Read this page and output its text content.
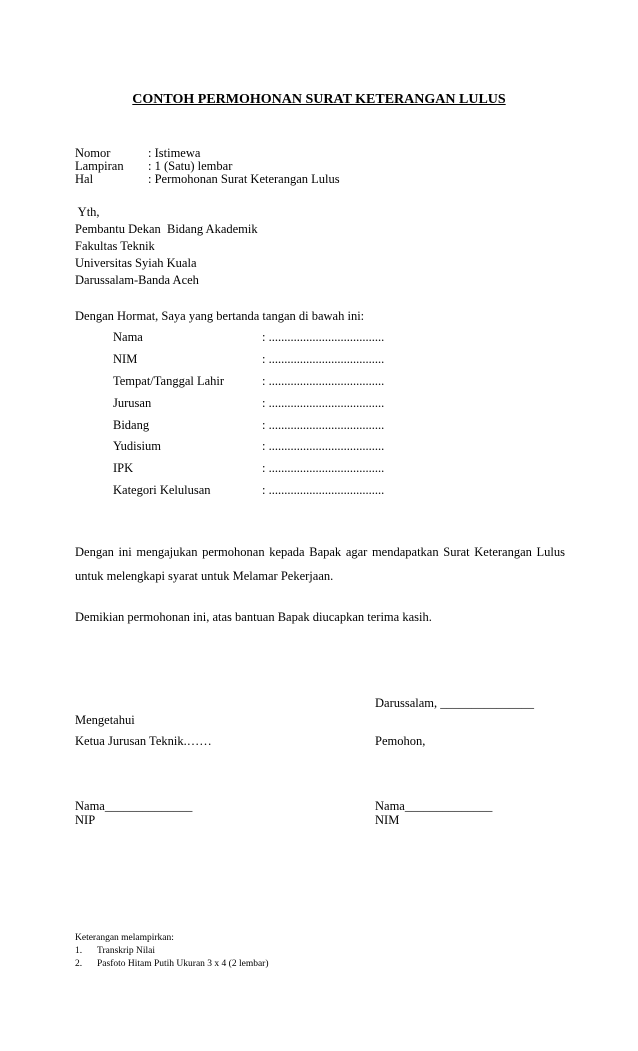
CONTOH PERMOHONAN SURAT KETERANGAN LULUS
Nomor	: Istimewa
Lampiran : 1 (Satu) lembar
Hal	: Permohonan Surat Keterangan Lulus
Yth,
Pembantu Dekan  Bidang Akademik
Fakultas Teknik
Universitas Syiah Kuala
Darussalam-Banda Aceh
Dengan Hormat, Saya yang bertanda tangan di bawah ini:
Nama	: .....................................
NIM	: .....................................
Tempat/Tanggal Lahir	: .....................................
Jurusan	: .....................................
Bidang	: .....................................
Yudisium	: .....................................
IPK	: .....................................
Kategori Kelulusan	: .....................................
Dengan ini mengajukan permohonan kepada Bapak agar mendapatkan Surat Keterangan Lulus
untuk melengkapi syarat untuk Melamar Pekerjaan.
Demikian permohonan ini, atas bantuan Bapak diucapkan terima kasih.
Darussalam, _______________
Mengetahui
Ketua Jurusan Teknik.……	Pemohon,
Nama______________
NIP
Nama______________
NIM
Keterangan melampirkan:
1. Transkrip Nilai
2. Pasfoto Hitam Putih Ukuran 3 x 4 (2 lembar)
